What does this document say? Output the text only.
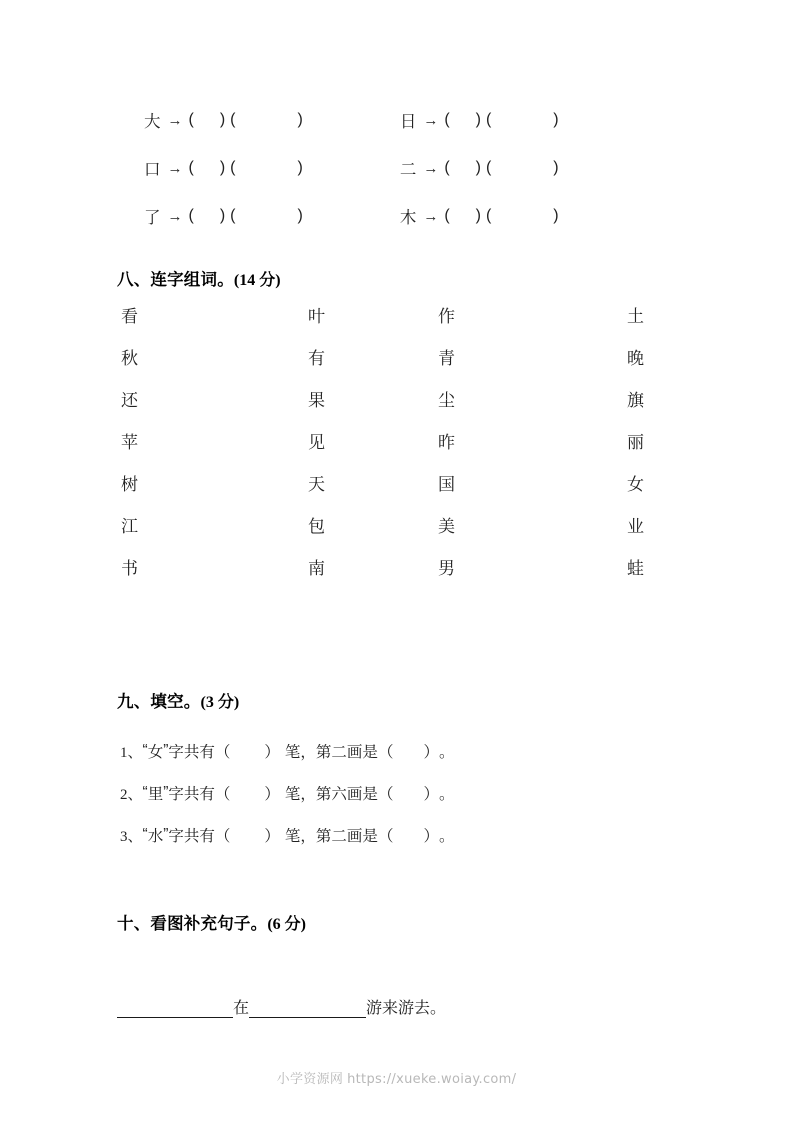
大 → ( ) (	)	日 → ( ) (	)
口 → ( ) (	)	二 → ( ) (	)
了 → ( ) (	)	木 → ( ) (	)
八、连字组词。(14 分)
看	叶	作	土
秋	有	青	晚
还	果	尘	旗
苹	见	昨	丽
树	天	国	女
江	包	美	业
书	南	男	蛙
九、填空。(3 分)
1、 “ 女 ” 字共有 （ ） 笔，第二画是 （ ） 。
2、 “ 里 ” 字共有 （ ） 笔，第六画是 （ ） 。
3、 “ 水 ” 字共有 （ ） 笔，第二画是 （ ） 。
十、看图补充句子。(6 分)
在	游来游去。
小学资源网 https://xueke.woiay.com/
